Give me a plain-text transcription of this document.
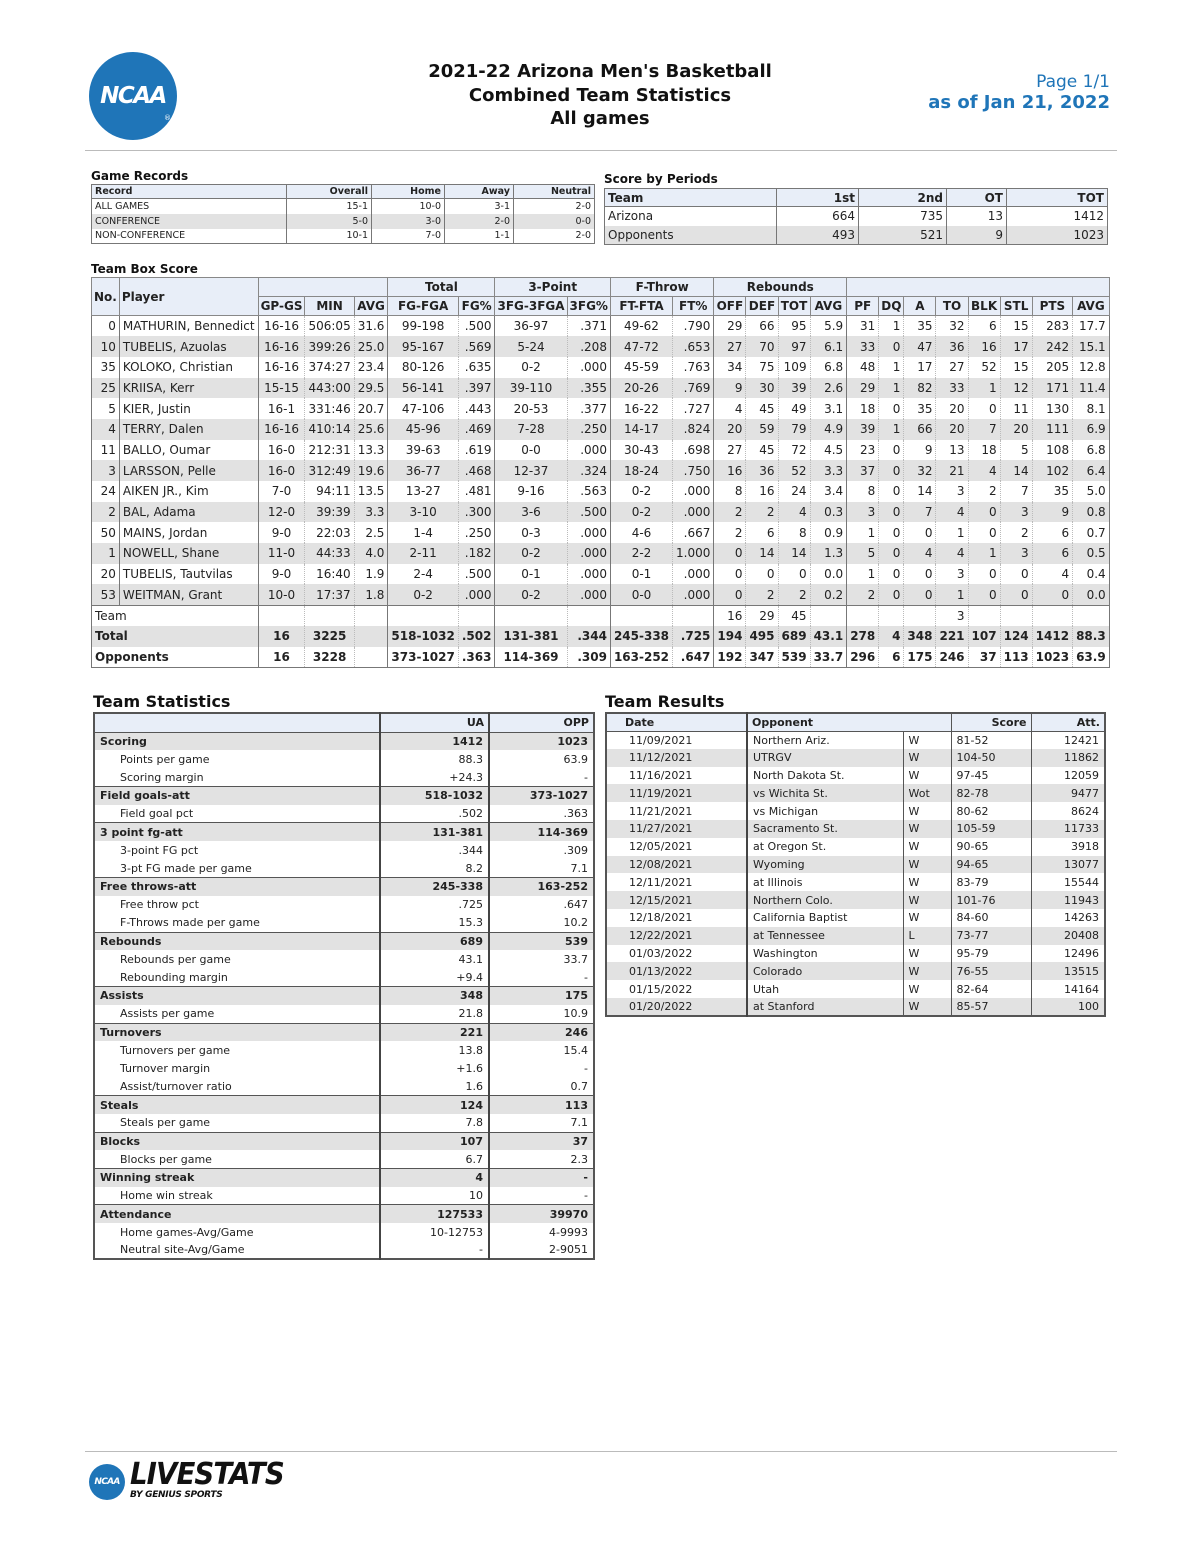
NCAA
®
2021-22 Arizona Men's Basketball
Combined Team Statistics
All games
Page 1/1
as of Jan 21, 2022
Game Records
Record	Overall	Home	Away	Neutral
ALL GAMES	15-1	10-0	3-1	2-0
CONFERENCE	5-0	3-0	2-0	0-0
NON-CONFERENCE	10-1	7-0	1-1	2-0
Score by Periods
Team	1st	2nd	OT	TOT
Arizona	664	735	13	1412
Opponents	493	521	9	1023
Team Box Score
No.	Player				Total		3-Point		F-Throw		Rebounds											
		GP-GS	MIN	AVG	FG-FGA	FG%	3FG-3FGA	3FG%	FT-FTA	FT%	OFF	DEF	TOT	AVG	PF	DQ	A	TO	BLK	STL	PTS	AVG
0	MATHURIN, Bennedict	16-16	506:05	31.6	99-198	.500	36-97	.371	49-62	.790	29	66	95	5.9	31	1	35	32	6	15	283	17.7
10	TUBELIS, Azuolas	16-16	399:26	25.0	95-167	.569	5-24	.208	47-72	.653	27	70	97	6.1	33	0	47	36	16	17	242	15.1
35	KOLOKO, Christian	16-16	374:27	23.4	80-126	.635	0-2	.000	45-59	.763	34	75	109	6.8	48	1	17	27	52	15	205	12.8
25	KRIISA, Kerr	15-15	443:00	29.5	56-141	.397	39-110	.355	20-26	.769	9	30	39	2.6	29	1	82	33	1	12	171	11.4
5	KIER, Justin	16-1	331:46	20.7	47-106	.443	20-53	.377	16-22	.727	4	45	49	3.1	18	0	35	20	0	11	130	8.1
4	TERRY, Dalen	16-16	410:14	25.6	45-96	.469	7-28	.250	14-17	.824	20	59	79	4.9	39	1	66	20	7	20	111	6.9
11	BALLO, Oumar	16-0	212:31	13.3	39-63	.619	0-0	.000	30-43	.698	27	45	72	4.5	23	0	9	13	18	5	108	6.8
3	LARSSON, Pelle	16-0	312:49	19.6	36-77	.468	12-37	.324	18-24	.750	16	36	52	3.3	37	0	32	21	4	14	102	6.4
24	AIKEN JR., Kim	7-0	94:11	13.5	13-27	.481	9-16	.563	0-2	.000	8	16	24	3.4	8	0	14	3	2	7	35	5.0
2	BAL, Adama	12-0	39:39	3.3	3-10	.300	3-6	.500	0-2	.000	2	2	4	0.3	3	0	7	4	0	3	9	0.8
50	MAINS, Jordan	9-0	22:03	2.5	1-4	.250	0-3	.000	4-6	.667	2	6	8	0.9	1	0	0	1	0	2	6	0.7
1	NOWELL, Shane	11-0	44:33	4.0	2-11	.182	0-2	.000	2-2	1.000	0	14	14	1.3	5	0	4	4	1	3	6	0.5
20	TUBELIS, Tautvilas	9-0	16:40	1.9	2-4	.500	0-1	.000	0-1	.000	0	0	0	0.0	1	0	0	3	0	0	4	0.4
53	WEITMAN, Grant	10-0	17:37	1.8	0-2	.000	0-2	.000	0-0	.000	0	2	2	0.2	2	0	0	1	0	0	0	0.0
Team											16	29	45					3				
Total		16	3225		518-1032	.502	131-381	.344	245-338	.725	194	495	689	43.1	278	4	348	221	107	124	1412	88.3
Opponents		16	3228		373-1027	.363	114-369	.309	163-252	.647	192	347	539	33.7	296	6	175	246	37	113	1023	63.9
Team Statistics
	UA	OPP
Scoring	1412	1023
Points per game	88.3	63.9
Scoring margin	+24.3	-
Field goals-att	518-1032	373-1027
Field goal pct	.502	.363
3 point fg-att	131-381	114-369
3-point FG pct	.344	.309
3-pt FG made per game	8.2	7.1
Free throws-att	245-338	163-252
Free throw pct	.725	.647
F-Throws made per game	15.3	10.2
Rebounds	689	539
Rebounds per game	43.1	33.7
Rebounding margin	+9.4	-
Assists	348	175
Assists per game	21.8	10.9
Turnovers	221	246
Turnovers per game	13.8	15.4
Turnover margin	+1.6	-
Assist/turnover ratio	1.6	0.7
Steals	124	113
Steals per game	7.8	7.1
Blocks	107	37
Blocks per game	6.7	2.3
Winning streak	4	-
Home win streak	10	-
Attendance	127533	39970
Home games-Avg/Game	10-12753	4-9993
Neutral site-Avg/Game	-	2-9051
Team Results
Date	Opponent		Score	Att.
11/09/2021	Northern Ariz.	W	81-52	12421
11/12/2021	UTRGV	W	104-50	11862
11/16/2021	North Dakota St.	W	97-45	12059
11/19/2021	vs Wichita St.	Wot	82-78	9477
11/21/2021	vs Michigan	W	80-62	8624
11/27/2021	Sacramento St.	W	105-59	11733
12/05/2021	at Oregon St.	W	90-65	3918
12/08/2021	Wyoming	W	94-65	13077
12/11/2021	at Illinois	W	83-79	15544
12/15/2021	Northern Colo.	W	101-76	11943
12/18/2021	California Baptist	W	84-60	14263
12/22/2021	at Tennessee	L	73-77	20408
01/03/2022	Washington	W	95-79	12496
01/13/2022	Colorado	W	76-55	13515
01/15/2022	Utah	W	82-64	14164
01/20/2022	at Stanford	W	85-57	100
NCAA LIVESTATS
BY GENIUS SPORTS
